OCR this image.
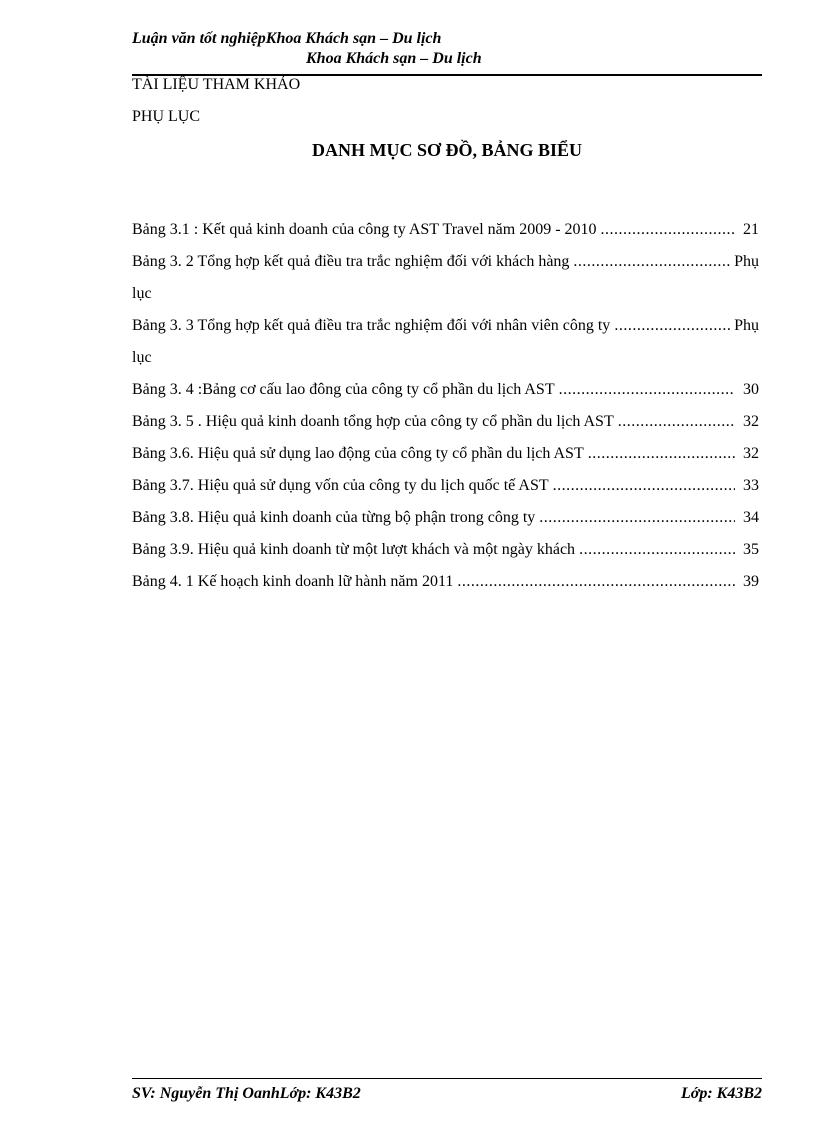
Luận văn tốt nghiệpKhoa Khách sạn – Du lịch
Khoa Khách sạn – Du lịch
TÀI LIỆU THAM KHẢO
PHỤ LỤC
DANH MỤC SƠ ĐỒ, BẢNG BIỂU
Bảng 3.1 : Kết quả kinh doanh của công ty AST Travel năm 2009 - 2010 .....	21
Bảng 3. 2 Tổng hợp kết quả điều tra trắc nghiệm đối với khách hàng .....	Phụ
lục
Bảng 3. 3 Tổng hợp kết quả điều tra trắc nghiệm đối với nhân viên công ty .....	Phụ
lục
Bảng 3. 4 :Bảng cơ cấu lao đông của công ty cổ phần du lịch AST .....	30
Bảng 3. 5 . Hiệu quả kinh doanh tổng hợp của công ty cổ phần du lịch AST .....	32
Bảng 3.6. Hiệu quả sử dụng lao động của công ty cổ phần du lịch AST .....	32
Bảng 3.7. Hiệu quả sử dụng vốn của công ty du lịch quốc tế AST .....	33
Bảng 3.8. Hiệu quả kinh doanh của từng bộ phận trong công ty .....	34
Bảng 3.9. Hiệu quả kinh doanh từ một lượt khách và một ngày khách .....	35
Bảng 4. 1 Kế hoạch kinh doanh lữ hành năm 2011 .....	39
SV: Nguyễn Thị OanhLớp: K43B2	Lớp: K43B2
